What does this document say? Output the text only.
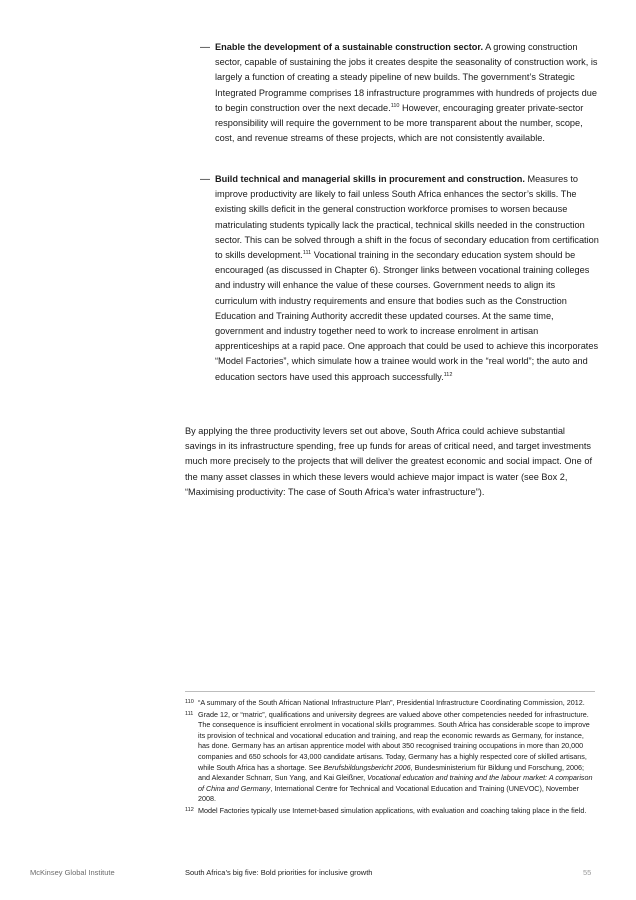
— Enable the development of a sustainable construction sector. A growing construction sector, capable of sustaining the jobs it creates despite the seasonality of construction work, is largely a function of creating a steady pipeline of new builds. The government’s Strategic Integrated Programme comprises 18 infrastructure programmes with hundreds of projects due to begin construction over the next decade.$^{110}$ However, encouraging greater private-sector responsibility will require the government to be more transparent about the number, scope, cost, and revenue streams of these projects, which are not consistently available.
— Build technical and managerial skills in procurement and construction. Measures to improve productivity are likely to fail unless South Africa enhances the sector’s skills. The existing skills deficit in the general construction workforce promises to worsen because matriculating students typically lack the practical, technical skills needed in the construction sector. This can be solved through a shift in the focus of secondary education from certification to skills development.$^{111}$ Vocational training in the secondary education system should be encouraged (as discussed in Chapter 6). Stronger links between vocational training colleges and industry will enhance the value of these courses. Government needs to align its curriculum with industry requirements and ensure that bodies such as the Construction Education and Training Authority accredit these updated courses. At the same time, government and industry together need to work to increase enrolment in artisan apprenticeships at a rapid pace. One approach that could be used to achieve this incorporates “Model Factories”, which simulate how a trainee would work in the “real world”; the auto and education sectors have used this approach successfully.$^{112}$

By applying the three productivity levers set out above, South Africa could achieve substantial savings in its infrastructure spending, free up funds for areas of critical need, and target investments much more precisely to the projects that will deliver the greatest economic and social impact. One of the many asset classes in which these levers would achieve major impact is water (see Box 2, “Maximising productivity: The case of South Africa’s water infrastructure”).

110 “A summary of the South African National Infrastructure Plan”, Presidential Infrastructure Coordinating Commission, 2012.
111 Grade 12, or “matric”, qualifications and university degrees are valued above other competencies needed for infrastructure. The consequence is insufficient enrolment in vocational skills programmes. South Africa has considerable scope to improve its provision of technical and vocational education and training, and reap the economic rewards as Germany, for instance, has done. Germany has an artisan apprentice model with about 350 recognised training occupations in more than 20,000 companies and 650 schools for 43,000 candidate artisans. Today, Germany has a highly respected core of skilled artisans, while South Africa has a shortage. See Berufsbildungsbericht 2006, Bundesministerium für Bildung und Forschung, 2006; and Alexander Schnarr, Sun Yang, and Kai Gleißner, Vocational education and training and the labour market: A comparison of China and Germany, International Centre for Technical and Vocational Education and Training (UNEVOC), November 2008.
112 Model Factories typically use Internet-based simulation applications, with evaluation and coaching taking place in the field.
McKinsey Global Institute	South Africa’s big five: Bold priorities for inclusive growth	55
